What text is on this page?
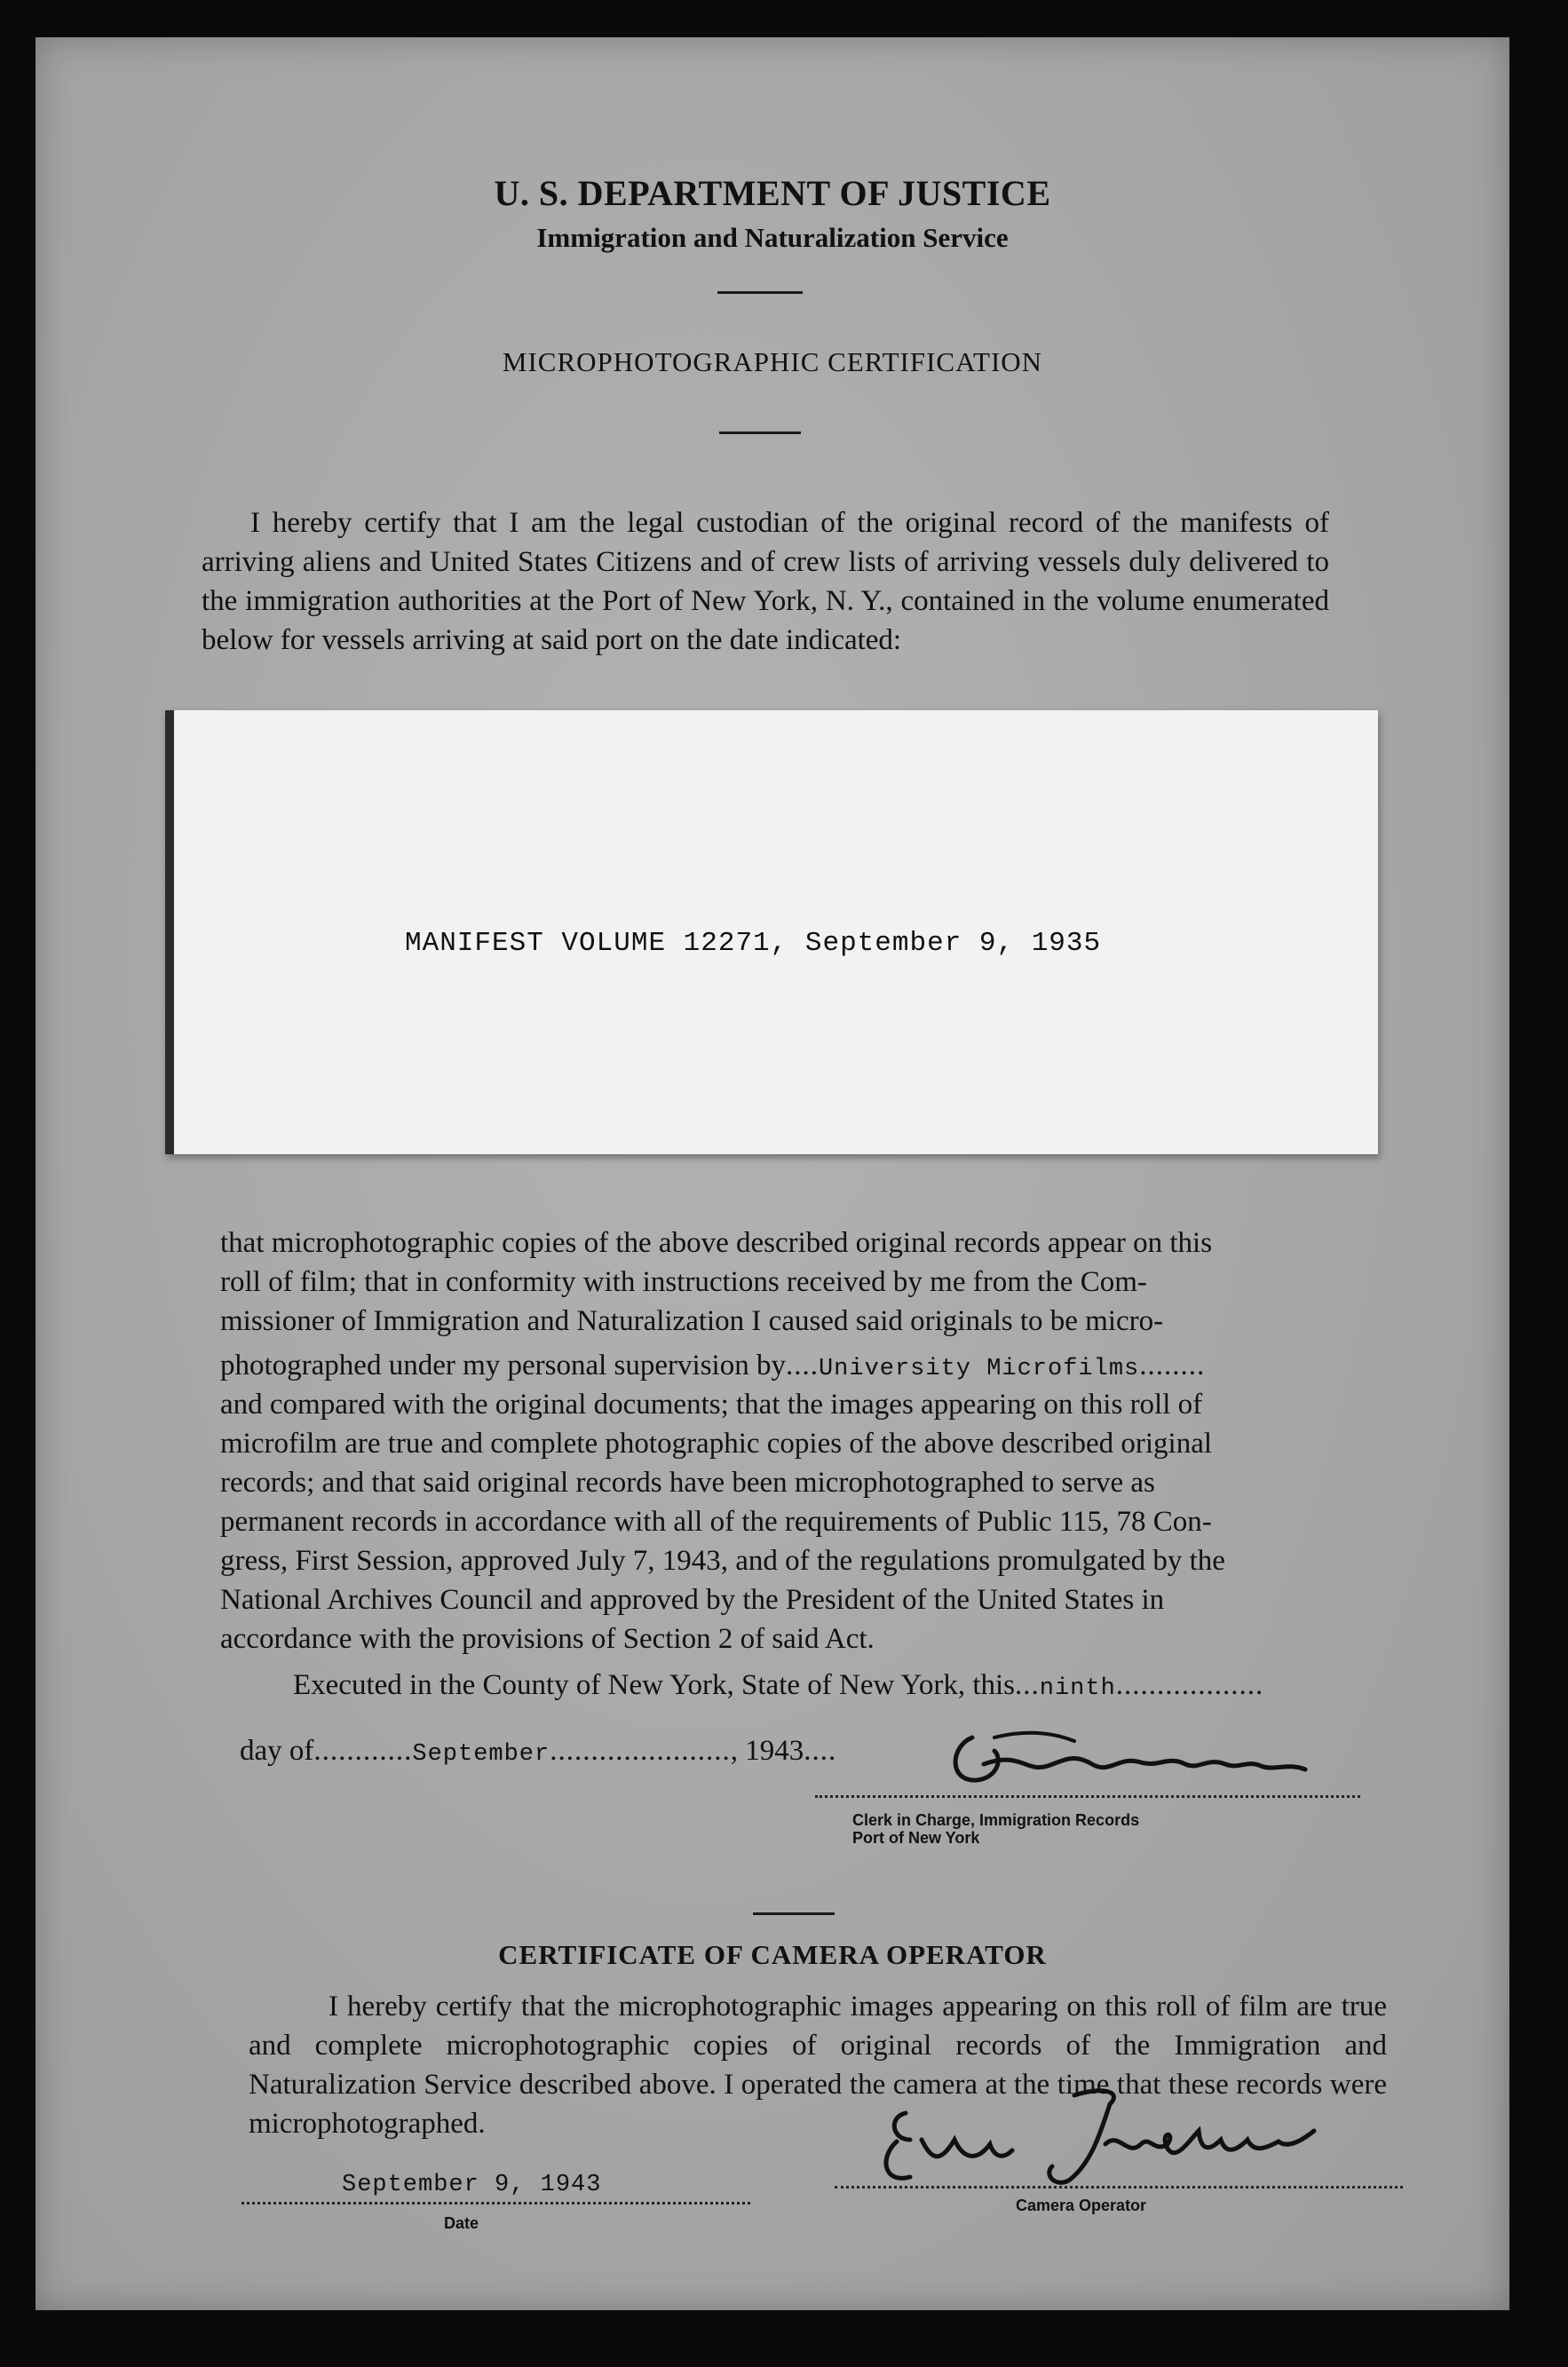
U. S. DEPARTMENT OF JUSTICE
Immigration and Naturalization Service
MICROPHOTOGRAPHIC CERTIFICATION
I hereby certify that I am the legal custodian of the original record of the manifests of arriving aliens and United States Citizens and of crew lists of arriving vessels duly delivered to the immigration authorities at the Port of New York, N. Y., contained in the volume enumerated below for vessels arriving at said port on the date indicated:
MANIFEST VOLUME 12271, September 9, 1935
that microphotographic copies of the above described original records appear on this
roll of film; that in conformity with instructions received by me from the Com-
missioner of Immigration and Naturalization I caused said originals to be micro-
photographed under my personal supervision by....University Microfilms........
and compared with the original documents; that the images appearing on this roll of
microfilm are true and complete photographic copies of the above described original
records; and that said original records have been microphotographed to serve as
permanent records in accordance with all of the requirements of Public 115, 78 Con-
gress, First Session, approved July 7, 1943, and of the regulations promulgated by the
National Archives Council and approved by the President of the United States in
accordance with the provisions of Section 2 of said Act.
Executed in the County of New York, State of New York, this...ninth..................
day of............September......................, 1943....
Clerk in Charge, Immigration Records
Port of New York
CERTIFICATE OF CAMERA OPERATOR
I hereby certify that the microphotographic images appearing on this roll of film are true and complete microphotographic copies of original records of the Immigration and Naturalization Service described above. I operated the camera at the time that these records were microphotographed.
September 9, 1943
Date
Camera Operator
